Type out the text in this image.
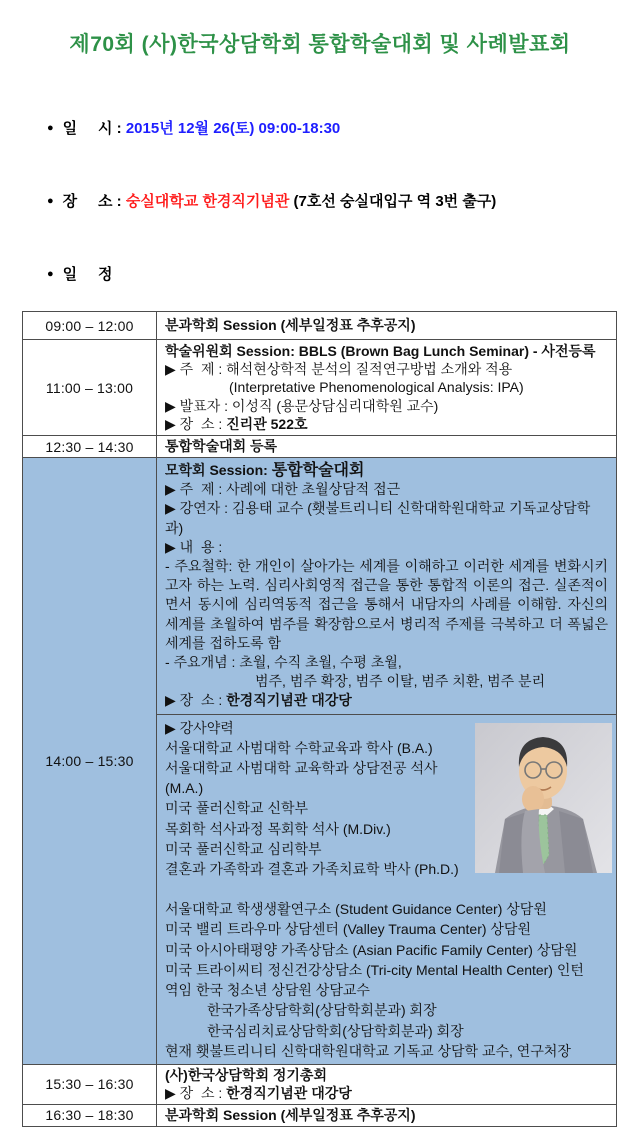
제70회 (사)한국상담학회 통합학술대회 및 사례발표회

● 일     시 : 2015년 12월 26(토) 09:00-18:30

● 장     소 : 숭실대학교 한경직기념관 (7호선 숭실대입구 역 3번 출구)

● 일     정

09:00 – 12:00	분과학회 Session (세부일정표 추후공지)
11:00 – 13:00	학술위원회 Session: BBLS (Brown Bag Lunch Seminar) - 사전등록
▶ 주  제 : 해석현상학적 분석의 질적연구방법 소개와 적용
(Interpretative Phenomenological Analysis: IPA)
▶ 발표자 : 이성직 (용문상담심리대학원 교수)
▶ 장  소 : 진리관 522호

12:30 – 14:30	통합학술대회 등록
14:00 – 15:30	
모학회 Session: 통합학술대회
▶ 주  제 : 사례에 대한 초월상담적 접근
▶ 강연자 : 김용태 교수 (횃불트리니티 신학대학원대학교 기독교상담학과)
▶ 내  용 :
- 주요철학: 한 개인이 살아가는 세계를 이해하고 이러한 세계를 변화시키고자 하는 노력. 심리사회영적 접근을 통한 통합적 이론의 접근. 실존적이면서 동시에 심리역동적 접근을 통해서 내담자의 사례를 이해함. 자신의 세계를 초월하여 범주를 확장함으로서 병리적 주제를 극복하고 더 폭넓은 세계를 접하도록 함
- 주요개념 : 초월, 수직 초월, 수평 초월,
범주, 범주 확장, 범주 이탈, 범주 치환, 범주 분리
▶ 장  소 : 한경직기념관 대강당

▶ 강사약력
서울대학교 사범대학 수학교육과 학사 (B.A.)
서울대학교 사범대학 교육학과 상담전공 석사 (M.A.)
미국 풀러신학교 신학부
목회학 석사과정 목회학 석사 (M.Div.)
미국 풀러신학교 심리학부
결혼과 가족학과 결혼과 가족치료학 박사 (Ph.D.)
서울대학교 학생생활연구소 (Student Guidance Center) 상담원
미국 밸리 트라우마 상담센터 (Valley Trauma Center) 상담원
미국 아시아태평양 가족상담소 (Asian Pacific Family Center) 상담원
미국 트라이씨티 정신건강상담소 (Tri-city Mental Health Center) 인턴
역임 한국 청소년 상담원 상담교수
한국가족상담학회(상담학회분과) 회장
한국심리치료상담학회(상담학회분과) 회장
현재 횃불트리니티 신학대학원대학교 기독교 상담학 교수, 연구처장

15:30 – 16:30	(사)한국상담학회 정기총회
▶ 장  소 : 한경직기념관 대강당

16:30 – 18:30	분과학회 Session (세부일정표 추후공지)
